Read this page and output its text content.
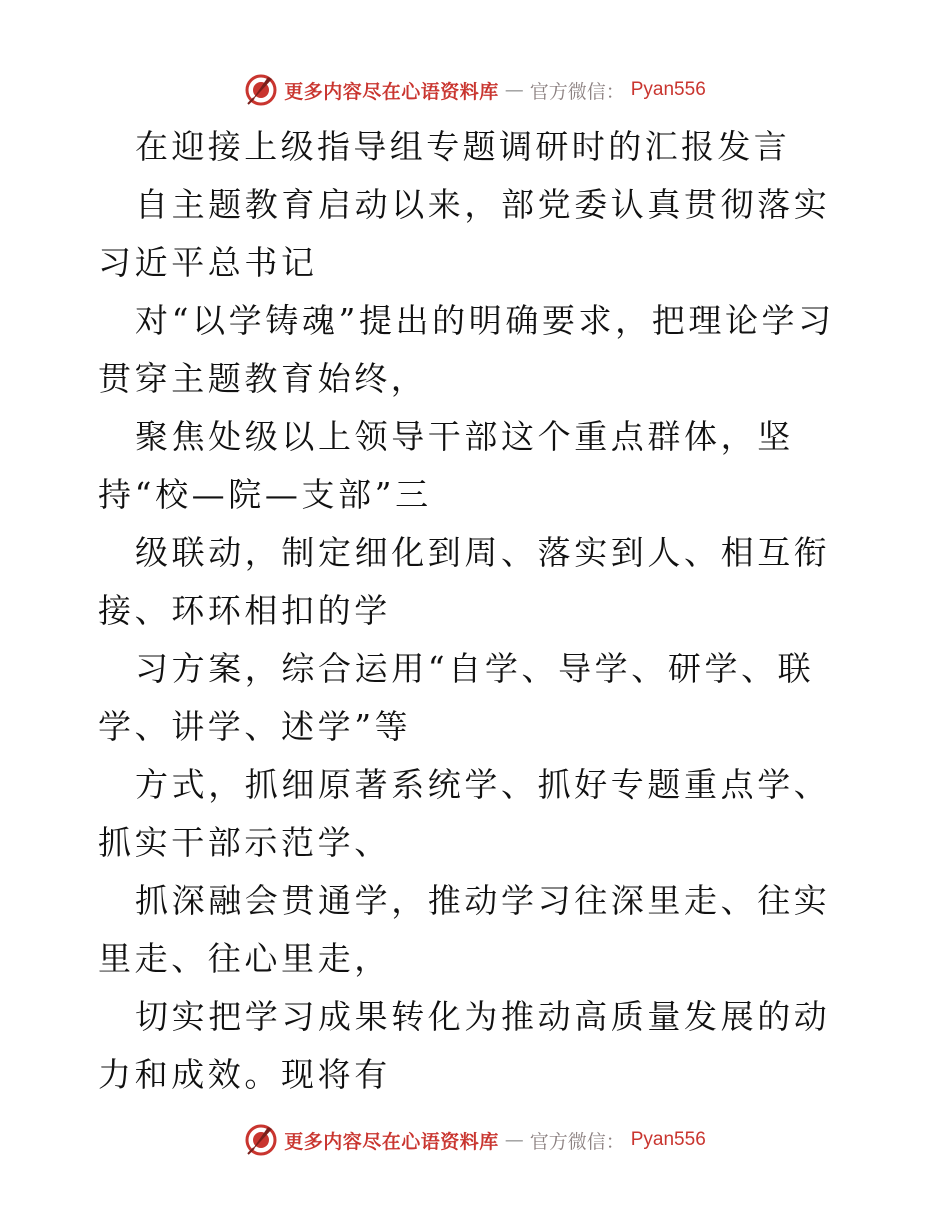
更多内容尽在心语资料库 — 官方微信： Pyan556

在迎接上级指导组专题调研时的汇报发言

自主题教育启动以来，部党委认真贯彻落实习近平总书记

对“以学铸魂”提出的明确要求，把理论学习贯穿主题教育始终，

聚焦处级以上领导干部这个重点群体，坚持“校—院—支部”三

级联动，制定细化到周、落实到人、相互衔接、环环相扣的学

习方案，综合运用“自学、导学、研学、联学、讲学、述学”等

方式，抓细原著系统学、抓好专题重点学、抓实干部示范学、

抓深融会贯通学，推动学习往深里走、往实里走、往心里走，

切实把学习成果转化为推动高质量发展的动力和成效。现将有

更多内容尽在心语资料库 — 官方微信： Pyan556
